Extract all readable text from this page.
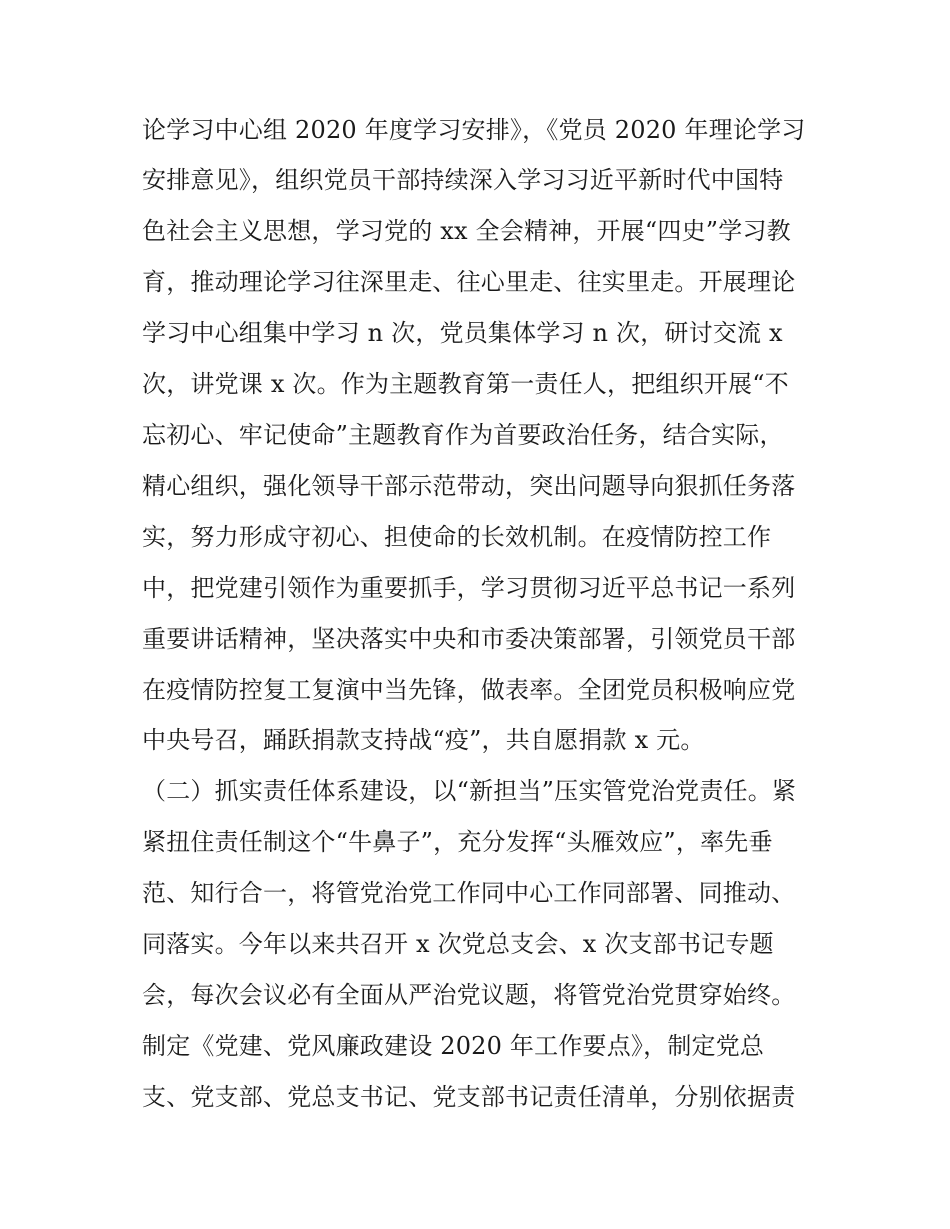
论学习中心组 2020 年度学习安排》，《党员 2020 年理论学习
安排意见》，组织党员干部持续深入学习习近平新时代中国特
色社会主义思想，学习党的 xx 全会精神，开展“四史”学习教
育，推动理论学习往深里走、往心里走、往实里走。开展理论
学习中心组集中学习 n 次，党员集体学习 n 次，研讨交流 x
次，讲党课 x 次。作为主题教育第一责任人，把组织开展“不
忘初心、牢记使命”主题教育作为首要政治任务，结合实际，
精心组织，强化领导干部示范带动，突出问题导向狠抓任务落
实，努力形成守初心、担使命的长效机制。在疫情防控工作
中，把党建引领作为重要抓手，学习贯彻习近平总书记一系列
重要讲话精神，坚决落实中央和市委决策部署，引领党员干部
在疫情防控复工复演中当先锋，做表率。全团党员积极响应党
中央号召，踊跃捐款支持战“疫”，共自愿捐款 x 元。
（二）抓实责任体系建设，以“新担当”压实管党治党责任。紧
紧扭住责任制这个“牛鼻子”，充分发挥“头雁效应”，率先垂
范、知行合一，将管党治党工作同中心工作同部署、同推动、
同落实。今年以来共召开 x 次党总支会、x 次支部书记专题
会，每次会议必有全面从严治党议题，将管党治党贯穿始终。
制定《党建、党风廉政建设 2020 年工作要点》，制定党总
支、党支部、党总支书记、党支部书记责任清单，分别依据责
